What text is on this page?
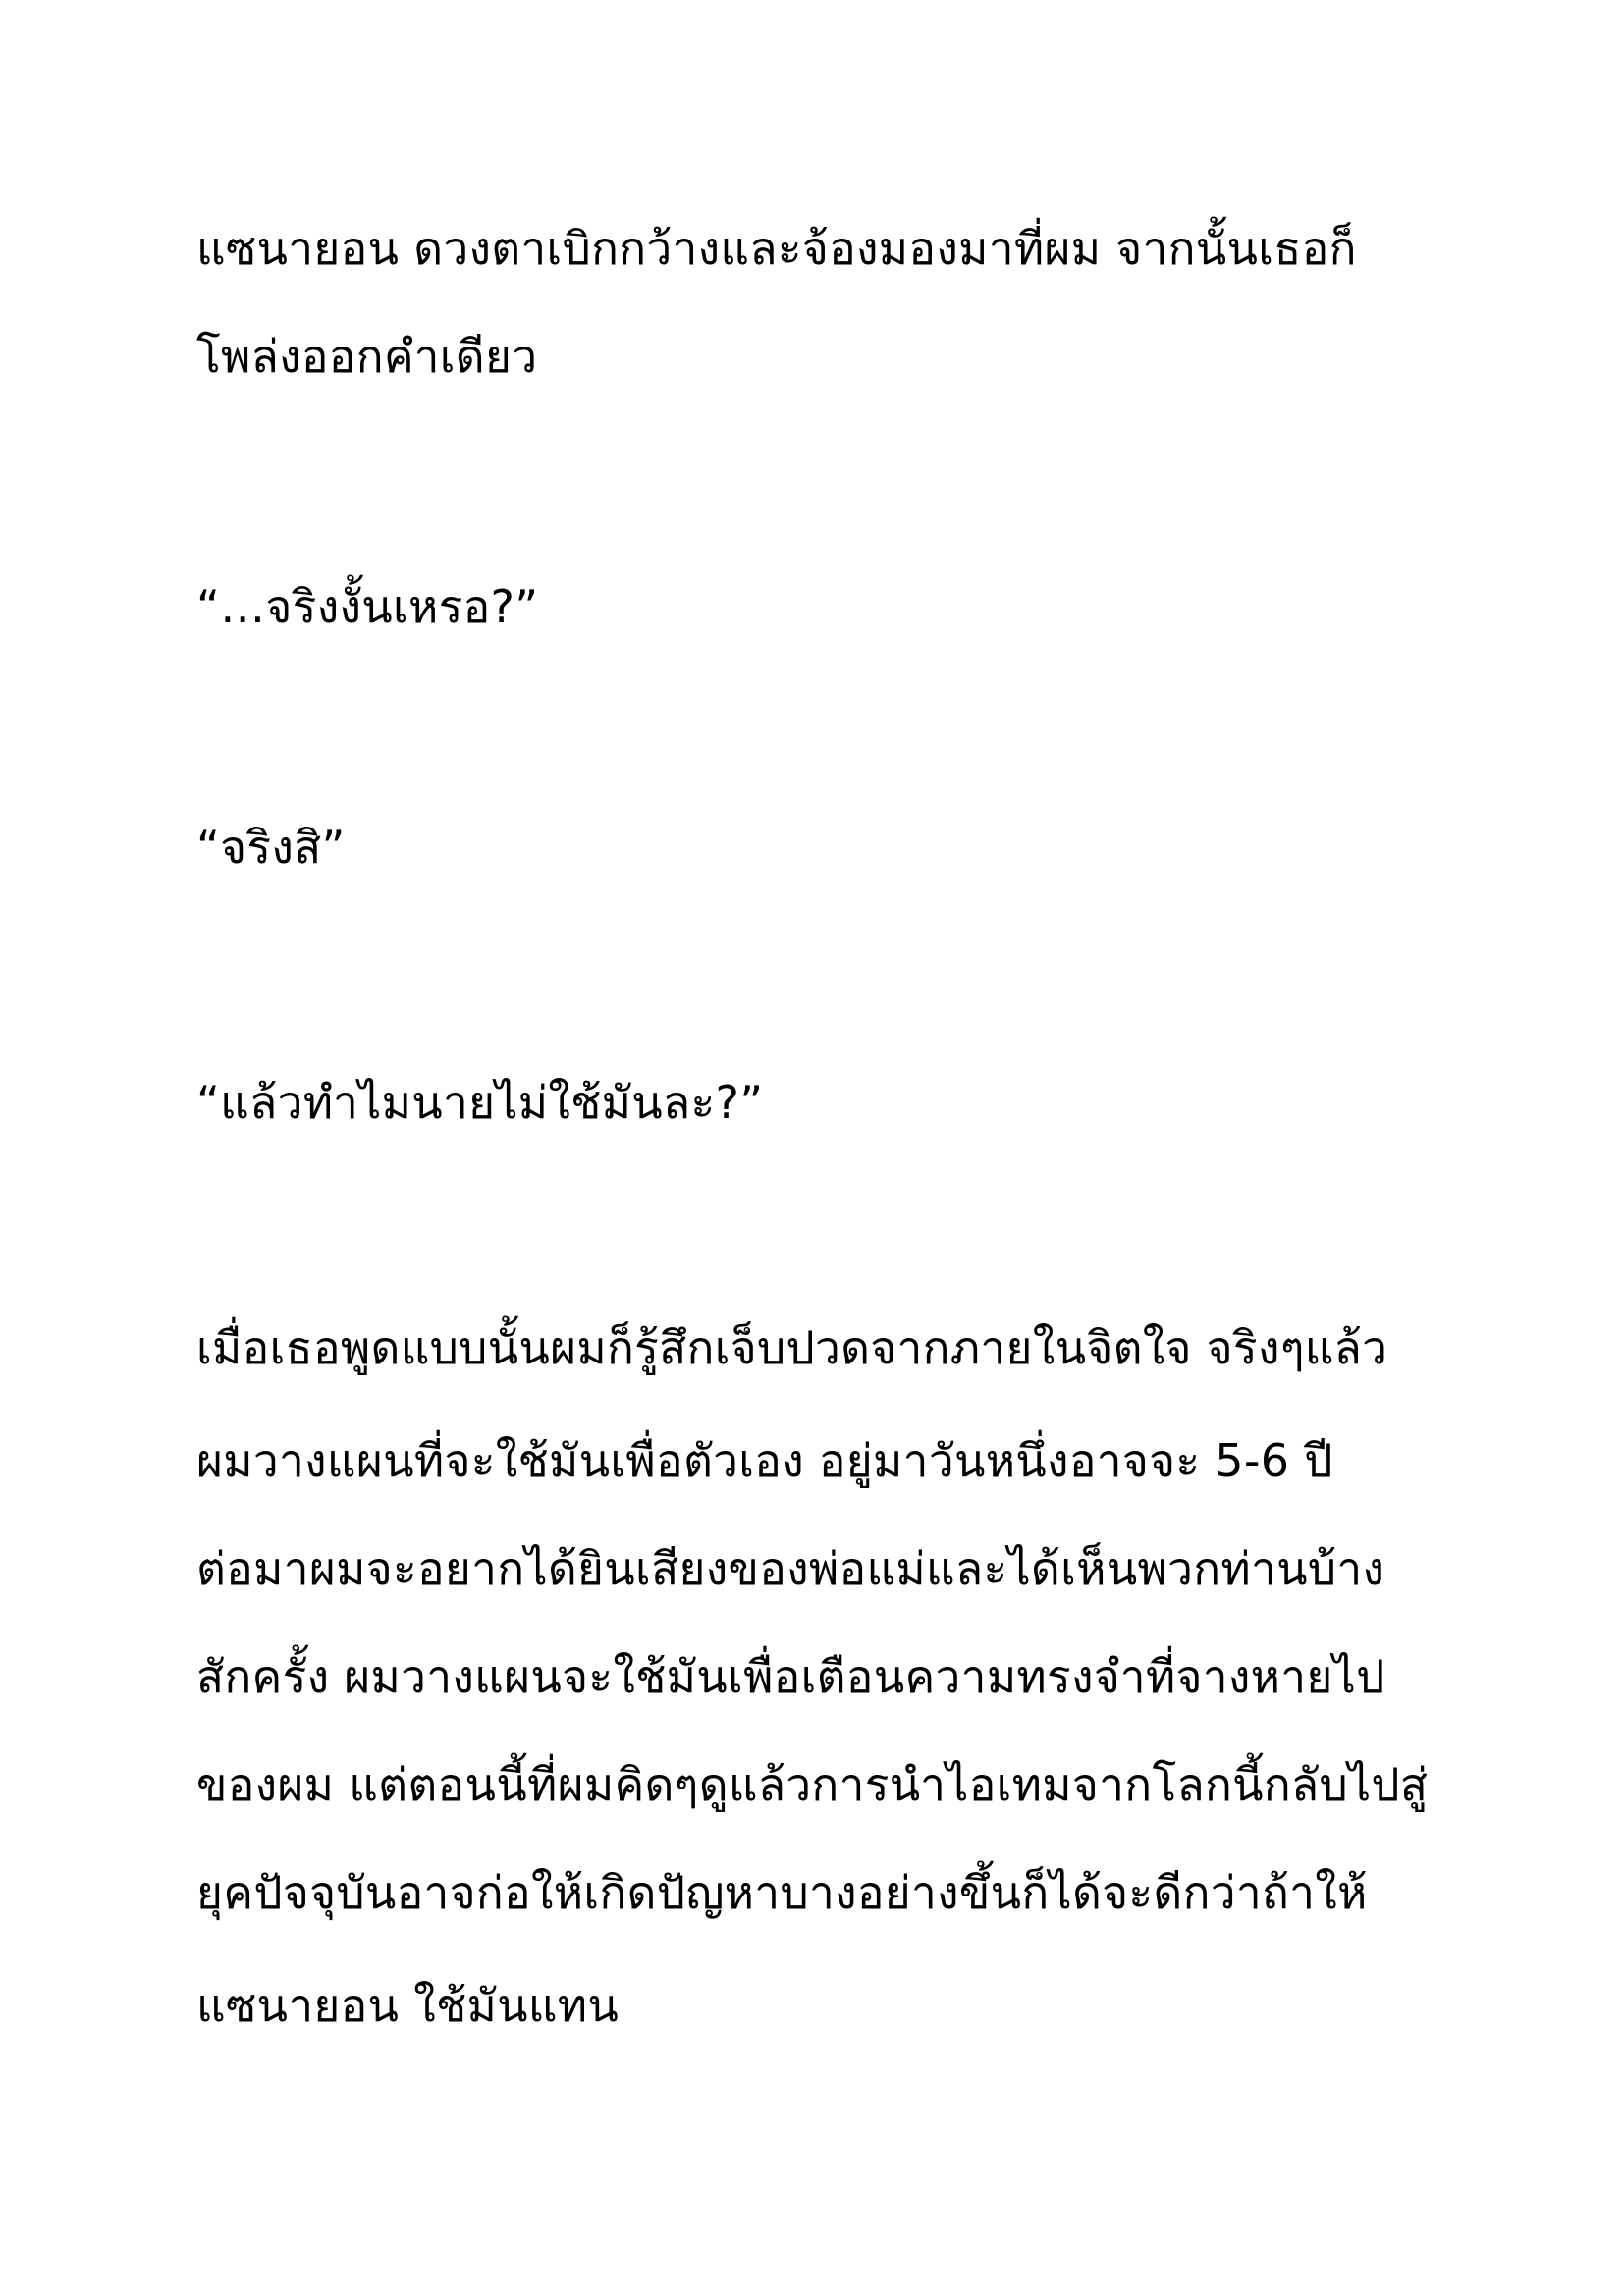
แซนายอน ดวงตาเบิกกว้างและจ้องมองมาที่ผม จากนั้นเธอก็
โพล่งออกคำเดียว
“…จริงงั้นเหรอ?”
“จริงสิ”
“แล้วทำไมนายไม่ใช้มันละ?”
เมื่อเธอพูดแบบนั้นผมก็รู้สึกเจ็บปวดจากภายในจิตใจ จริงๆแล้ว
ผมวางแผนที่จะใช้มันเพื่อตัวเอง อยู่มาวันหนึ่งอาจจะ 5-6 ปี
ต่อมาผมจะอยากได้ยินเสียงของพ่อแม่และได้เห็นพวกท่านบ้าง
สักครั้ง ผมวางแผนจะใช้มันเพื่อเตือนความทรงจำที่จางหายไป
ของผม แต่ตอนนี้ที่ผมคิดๆดูแล้วการนำไอเทมจากโลกนี้กลับไปสู่
ยุคปัจจุบันอาจก่อให้เกิดปัญหาบางอย่างขึ้นก็ได้จะดีกว่าถ้าให้
แซนายอน ใช้มันแทน
